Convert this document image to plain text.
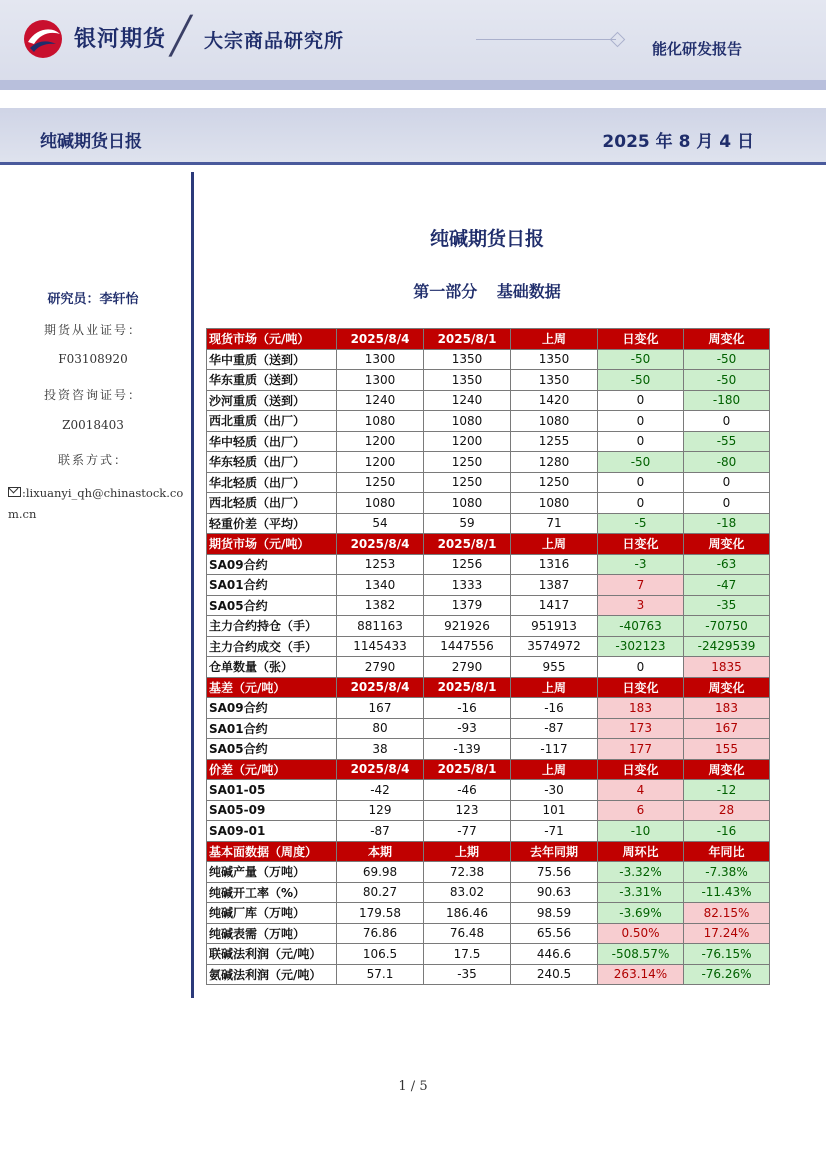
银河期货 ╱ 大宗商品研究所	能化研发报告
纯碱期货日报	2025 年 8 月 4 日
研究员：李轩怡
期货从业证号：
F03108920
投资咨询证号：
Z0018403
联系方式：
:lixuanyi_qh@chinastock.com.cn
纯碱期货日报
第一部分 基础数据
现货市场（元/吨）	2025/8/4	2025/8/1	上周	日变化	周变化
华中重质（送到）	1300	1350	1350	-50	-50
华东重质（送到）	1300	1350	1350	-50	-50
沙河重质（送到）	1240	1240	1420	0	-180
西北重质（出厂）	1080	1080	1080	0	0
华中轻质（出厂）	1200	1200	1255	0	-55
华东轻质（出厂）	1200	1250	1280	-50	-80
华北轻质（出厂）	1250	1250	1250	0	0
西北轻质（出厂）	1080	1080	1080	0	0
轻重价差（平均）	54	59	71	-5	-18
期货市场（元/吨）	2025/8/4	2025/8/1	上周	日变化	周变化
SA09合约	1253	1256	1316	-3	-63
SA01合约	1340	1333	1387	7	-47
SA05合约	1382	1379	1417	3	-35
主力合约持仓（手）	881163	921926	951913	-40763	-70750
主力合约成交（手）	1145433	1447556	3574972	-302123	-2429539
仓单数量（张）	2790	2790	955	0	1835
基差（元/吨）	2025/8/4	2025/8/1	上周	日变化	周变化
SA09合约	167	-16	-16	183	183
SA01合约	80	-93	-87	173	167
SA05合约	38	-139	-117	177	155
价差（元/吨）	2025/8/4	2025/8/1	上周	日变化	周变化
SA01-05	-42	-46	-30	4	-12
SA05-09	129	123	101	6	28
SA09-01	-87	-77	-71	-10	-16
基本面数据（周度）	本期	上期	去年同期	周环比	年同比
纯碱产量（万吨）	69.98	72.38	75.56	-3.32%	-7.38%
纯碱开工率（%）	80.27	83.02	90.63	-3.31%	-11.43%
纯碱厂库（万吨）	179.58	186.46	98.59	-3.69%	82.15%
纯碱表需（万吨）	76.86	76.48	65.56	0.50%	17.24%
联碱法利润（元/吨）	106.5	17.5	446.6	-508.57%	-76.15%
氨碱法利润（元/吨）	57.1	-35	240.5	263.14%	-76.26%
1 / 5
